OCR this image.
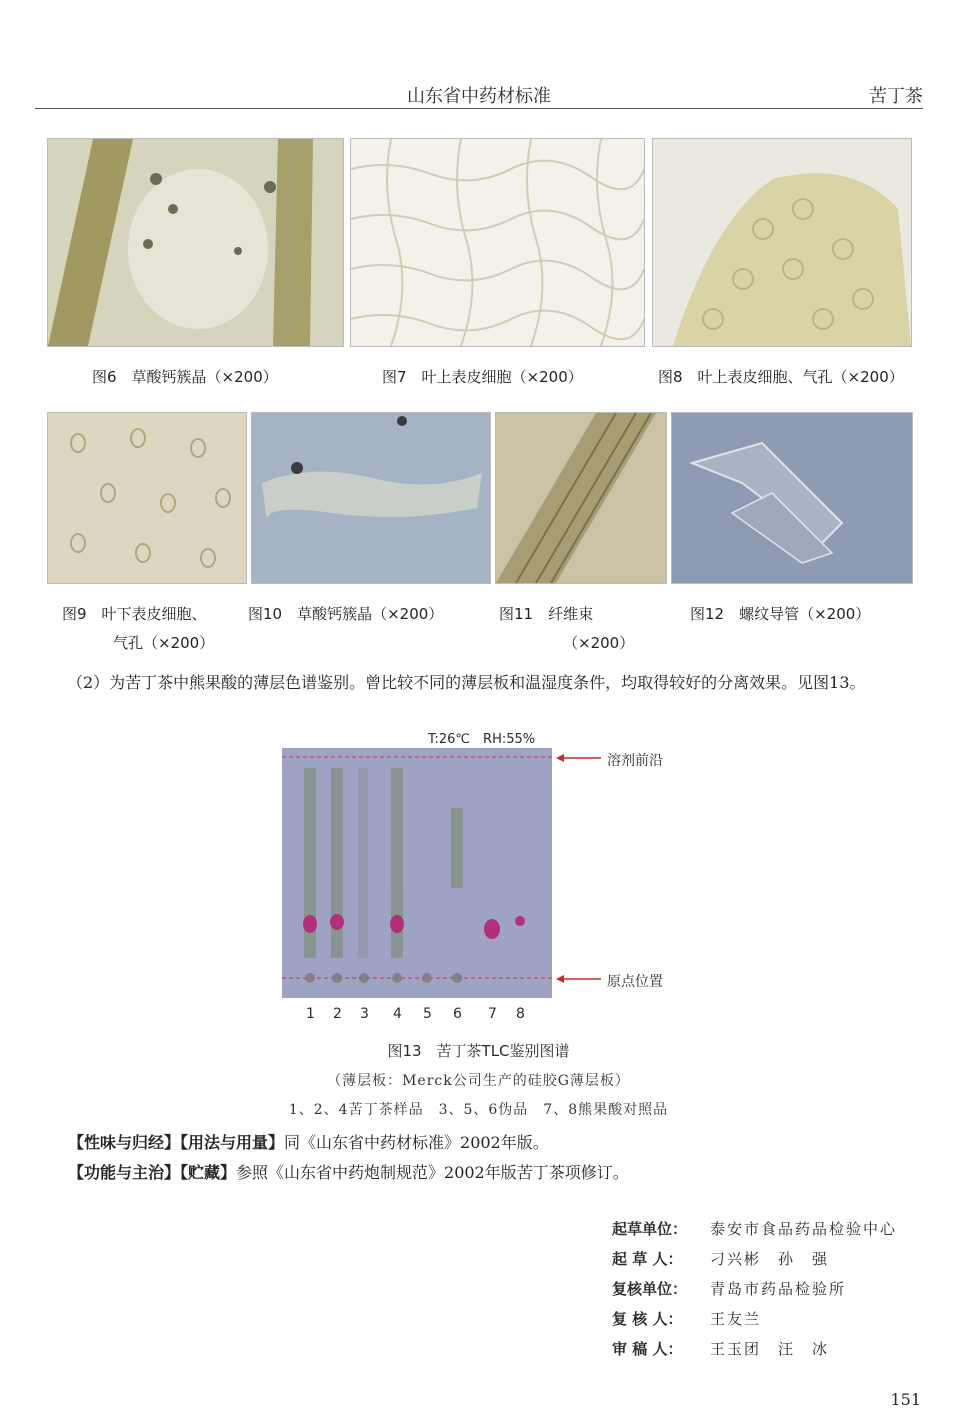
山东省中药材标准	苦丁茶
图6　草酸钙簇晶（×200）	图7　叶上表皮细胞（×200）	图8　叶上表皮细胞、气孔（×200）
图9　叶下表皮细胞、
气孔（×200）
图10　草酸钙簇晶（×200）	图11　纤维束
（×200）
图12　螺纹导管（×200）
（2）为苦丁茶中熊果酸的薄层色谱鉴别。曾比较不同的薄层板和温湿度条件，均取得较好的分离效果。见图13。
T:26℃　RH:55%
溶剂前沿
原点位置
1 2 3 4 5 6 7 8
图13　苦丁茶TLC鉴别图谱
（薄层板：Merck公司生产的硅胶G薄层板）
1、2、4苦丁茶样品　3、5、6伪品　7、8熊果酸对照品
【性味与归经】【用法与用量】同《山东省中药材标准》2002年版。
【功能与主治】【贮藏】参照《山东省中药炮制规范》2002年版苦丁茶项修订。
起草单位： 泰安市食品药品检验中心
起 草 人： 刁兴彬　孙　强
复核单位： 青岛市药品检验所
复 核 人： 王友兰
审 稿 人： 王玉团　汪　冰
151
